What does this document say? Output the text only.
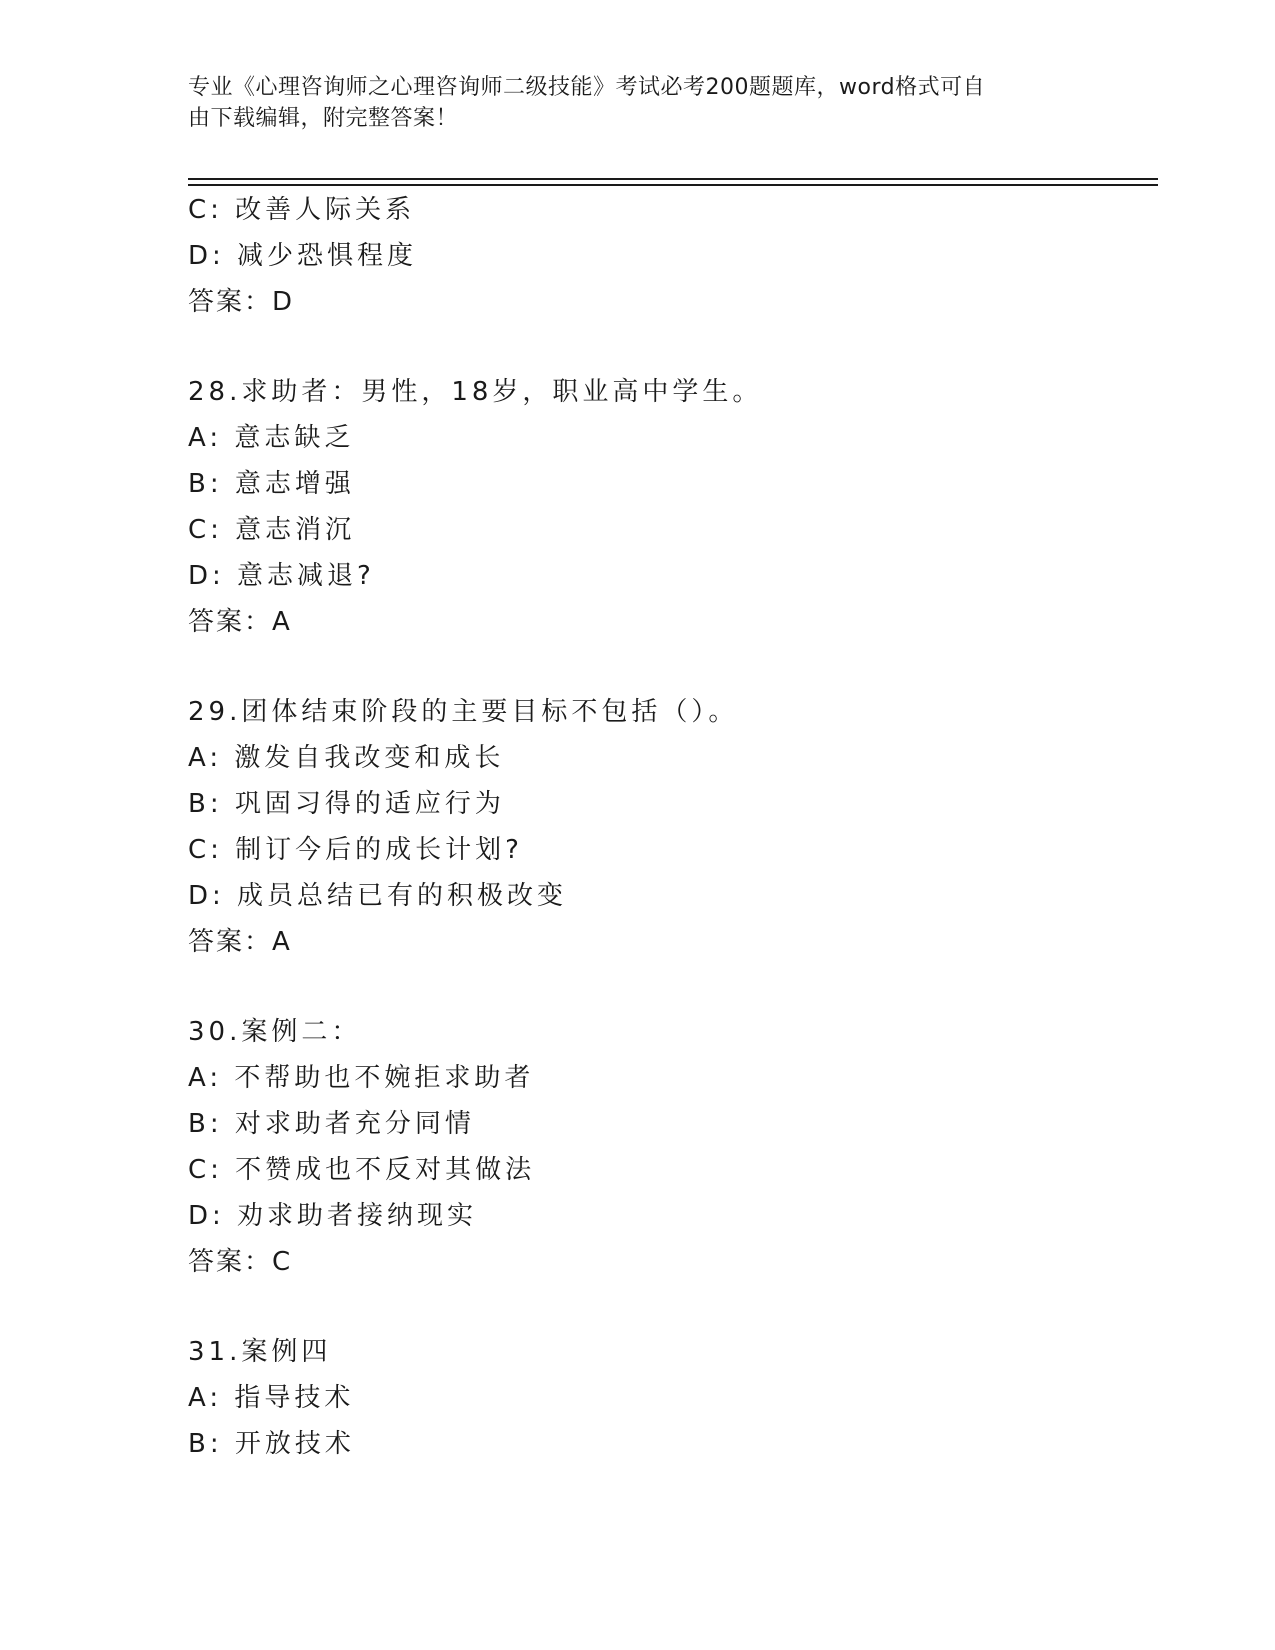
专业《心理咨询师之心理咨询师二级技能》考试必考200题题库，word格式可自
由下载编辑，附完整答案！
C: 改善人际关系
D: 减少恐惧程度
答案：D
28.求助者：男性，18岁，职业高中学生。
A: 意志缺乏
B: 意志增强
C: 意志消沉
D: 意志减退?
答案：A
29.团体结束阶段的主要目标不包括（）。
A: 激发自我改变和成长
B: 巩固习得的适应行为
C: 制订今后的成长计划?
D: 成员总结已有的积极改变
答案：A
30.案例二：
A: 不帮助也不婉拒求助者
B: 对求助者充分同情
C: 不赞成也不反对其做法
D: 劝求助者接纳现实
答案：C
31.案例四
A: 指导技术
B: 开放技术
